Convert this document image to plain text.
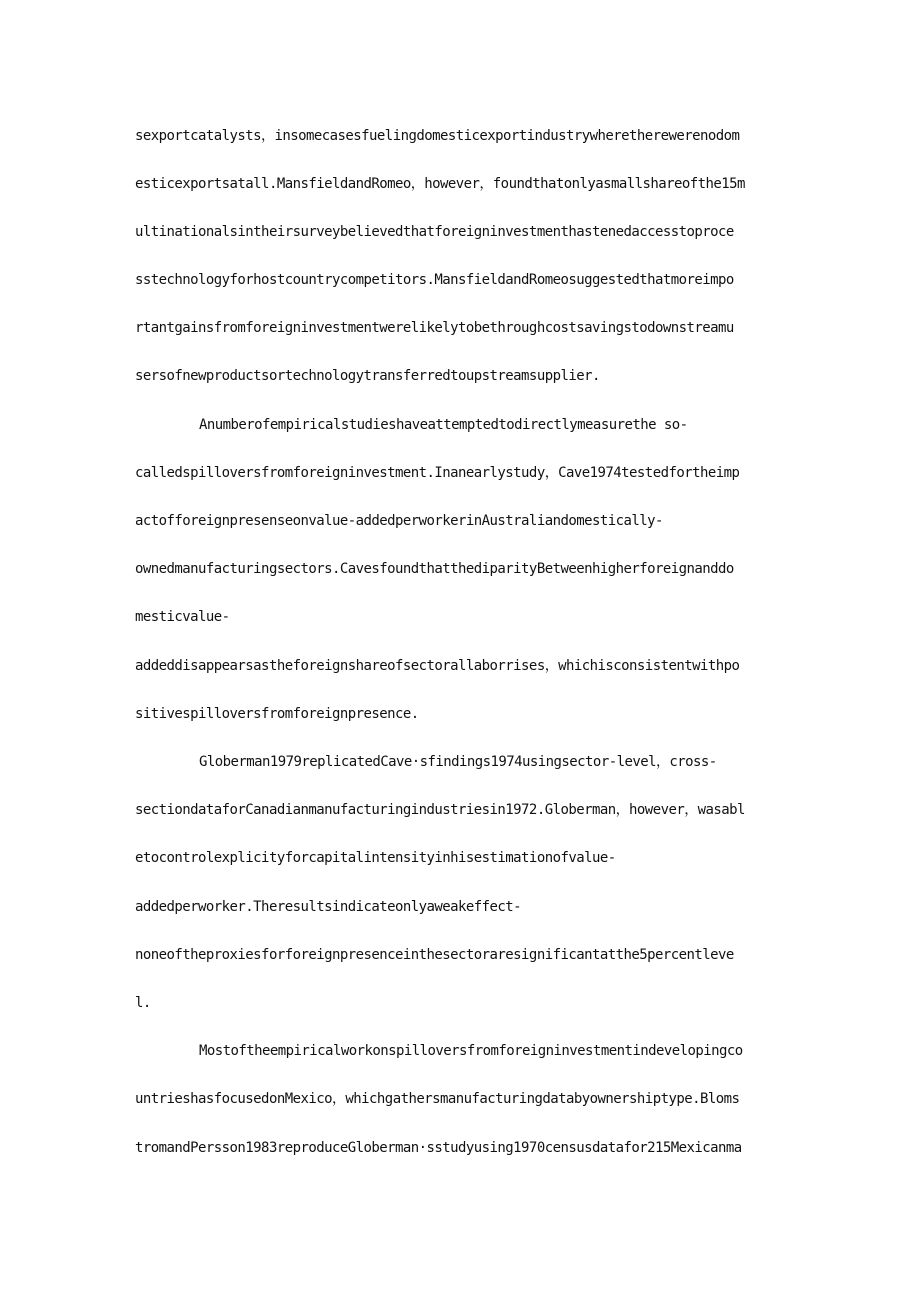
sexportcatalysts，insomecasesfuelingdomesticexportindustrywheretherewerenodom
esticexportsatall.MansfieldandRomeo，however，foundthatonlyasmallshareofthe15m
ultinationalsintheirsurveybelievedthatforeigninvestmenthastenedaccesstoproce
sstechnologyforhostcountrycompetitors.MansfieldandRomeosuggestedthatmoreimpo
rtantgainsfromforeigninvestmentwerelikelytobethroughcostsavingstodownstreamu
sersofnewproductsortechnologytransferredtoupstreamsupplier.
Anumberofempiricalstudieshaveattemptedtodirectlymeasurethe so-
calledspilloversfromforeigninvestment.Inanearlystudy，Cave1974testedfortheimp
actofforeignpresenseonvalue-addedperworkerinAustraliandomestically-
ownedmanufacturingsectors.CavesfoundthatthediparityBetweenhigherforeignanddo
mesticvalue-
addeddisappearsastheforeignshareofsectorallaborrises，whichisconsistentwithpo
sitivespilloversfromforeignpresence.
Globerman1979replicatedCave·sfindings1974usingsector-level，cross-
sectiondataforCanadianmanufacturingindustriesin1972.Globerman，however，wasabl
etocontrolexplicityforcapitalintensityinhisestimationofvalue-
addedperworker.Theresultsindicateonlyaweakeffect-
noneoftheproxiesforforeignpresenceinthesectoraresignificantatthe5percentleve
l.
Mostoftheempiricalworkonspilloversfromforeigninvestmentindevelopingco
untrieshasfocusedonMexico，whichgathersmanufacturingdatabyownershiptype.Bloms
tromandPersson1983reproduceGloberman·sstudyusing1970censusdatafor215Mexicanma
